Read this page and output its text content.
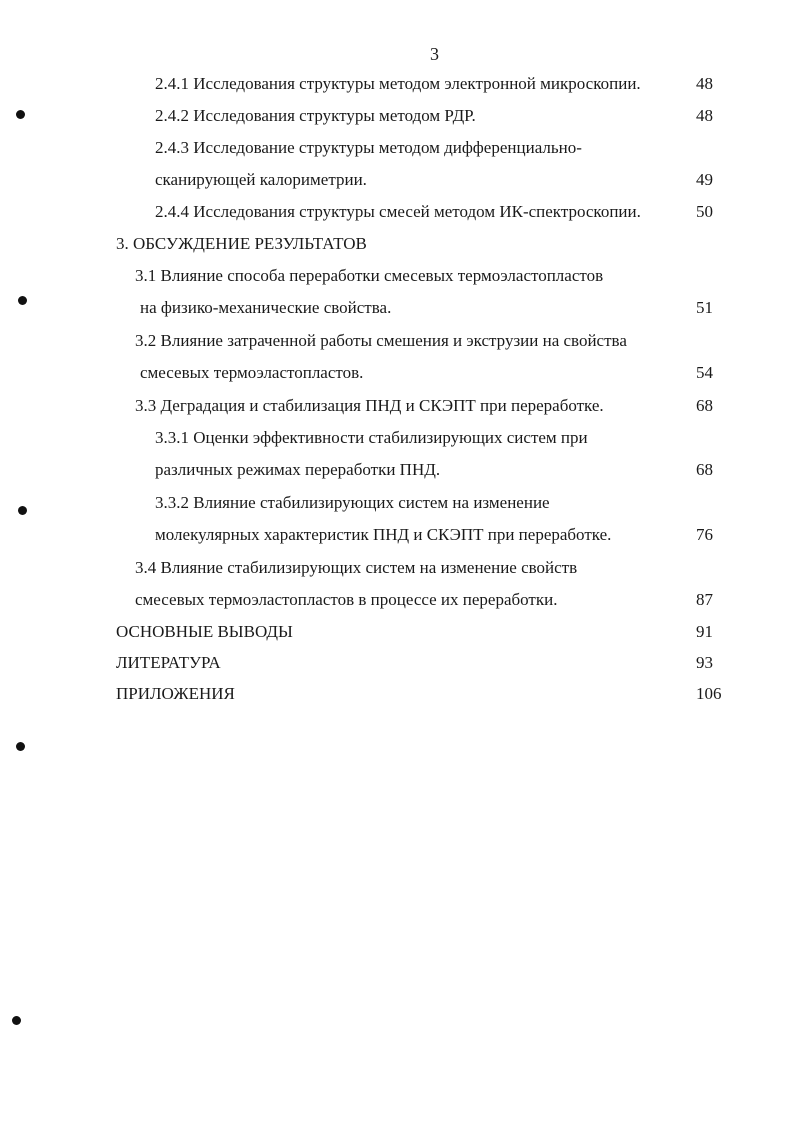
3
2.4.1 Исследования структуры методом электронной микроскопии.	48
2.4.2 Исследования структуры методом РДР.	48
2.4.3 Исследование структуры методом дифференциально-
сканирующей калориметрии.	49
2.4.4 Исследования структуры смесей методом ИК-спектроскопии.	50
3. ОБСУЖДЕНИЕ РЕЗУЛЬТАТОВ
3.1 Влияние способа переработки смесевых термоэластопластов
на физико-механические свойства.	51
3.2 Влияние затраченной работы смешения и экструзии на свойства
смесевых термоэластопластов.	54
3.3 Деградация и стабилизация ПНД и СКЭПТ при переработке.	68
3.3.1 Оценки эффективности стабилизирующих систем при
различных режимах переработки ПНД.	68
3.3.2 Влияние стабилизирующих систем на изменение
молекулярных характеристик ПНД и СКЭПТ при переработке.	76
3.4 Влияние стабилизирующих систем на изменение свойств
смесевых термоэластопластов в процессе их переработки.	87
ОСНОВНЫЕ ВЫВОДЫ	91
ЛИТЕРАТУРА	93
ПРИЛОЖЕНИЯ	106
